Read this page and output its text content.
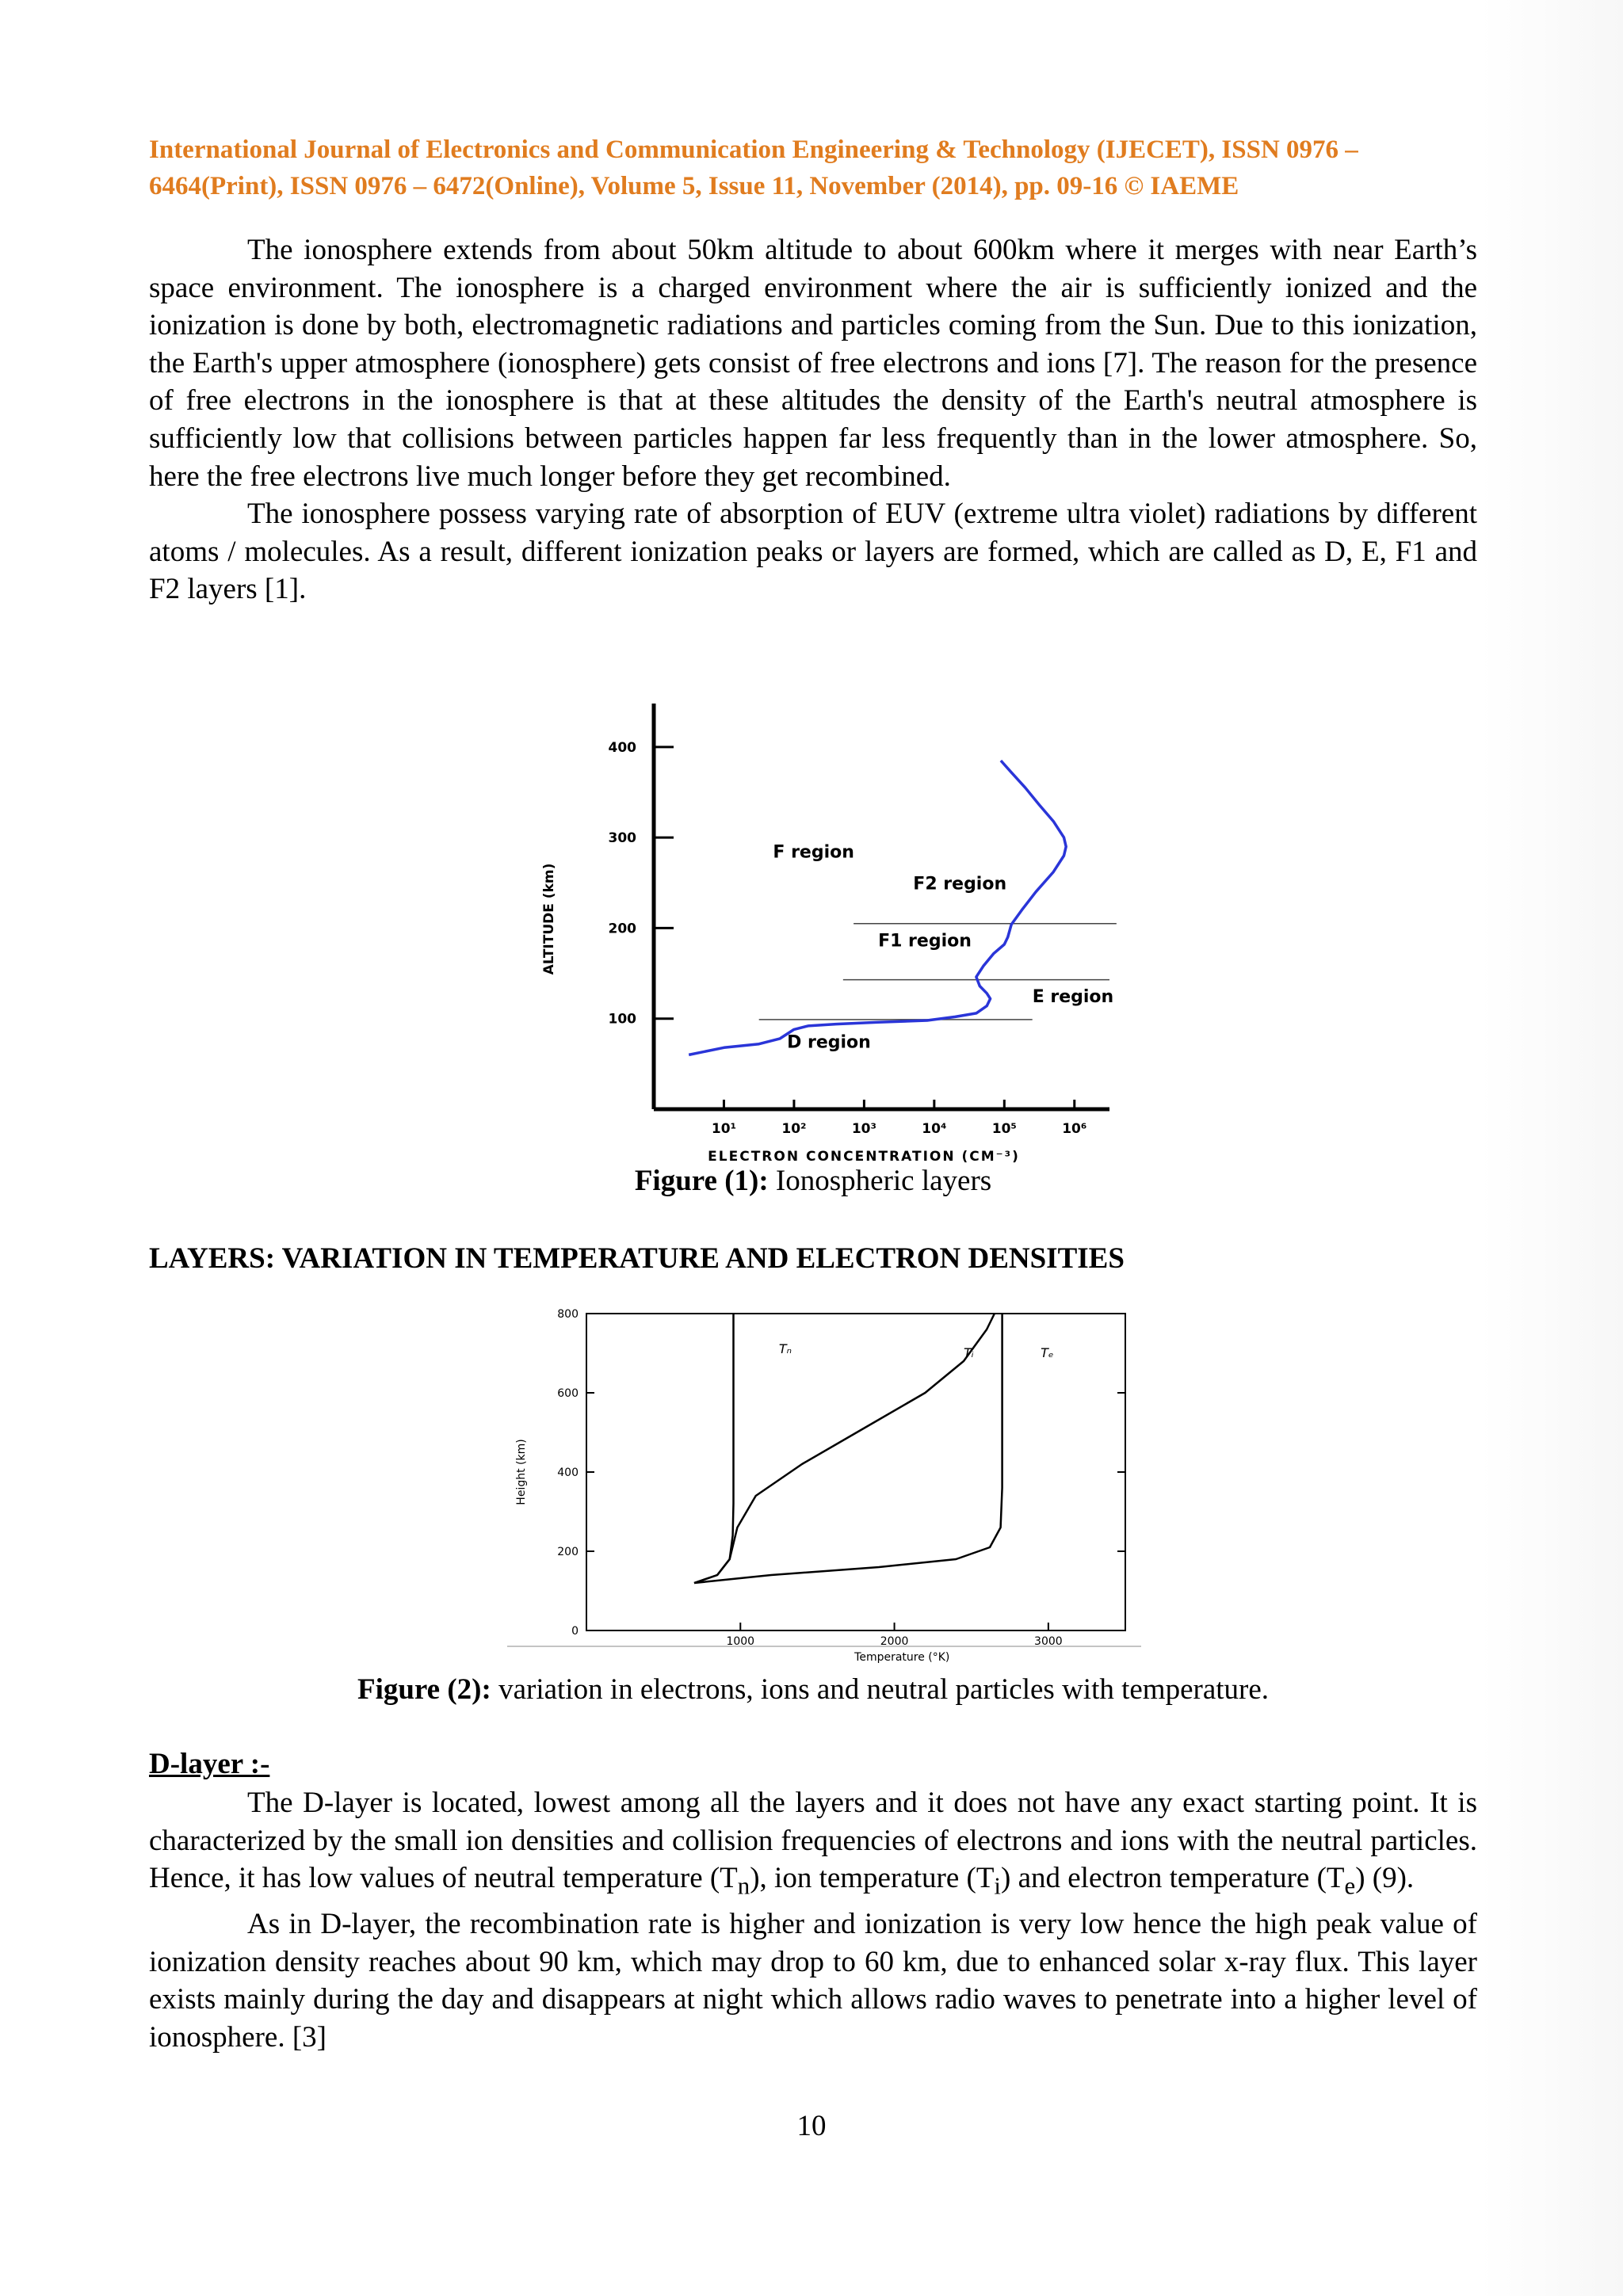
International Journal of Electronics and Communication Engineering & Technology (IJECET), ISSN 0976 –
6464(Print), ISSN 0976 – 6472(Online), Volume 5, Issue 11, November (2014), pp. 09-16 © IAEME

The ionosphere extends from about 50km altitude to about 600km where it merges with near Earth’s space environment. The ionosphere is a charged environment where the air is sufficiently ionized and the ionization is done by both, electromagnetic radiations and particles coming from the Sun. Due to this ionization, the Earth's upper atmosphere (ionosphere) gets consist of free electrons and ions [7]. The reason for the presence of free electrons in the ionosphere is that at these altitudes the density of the Earth's neutral atmosphere is sufficiently low that collisions between particles happen far less frequently than in the lower atmosphere. So, here the free electrons live much longer before they get recombined.

The ionosphere possess varying rate of absorption of EUV (extreme ultra violet) radiations by different atoms / molecules. As a result, different ionization peaks or layers are formed, which are called as D, E, F1 and F2 layers [1].

100
200
300
400
10¹	10²	10³	10⁴	10⁵	10⁶
ALTITUDE (km)
ELECTRON CONCENTRATION (CM⁻³)
F region
F2 region
F1 region
E region
D region
Figure (1): Ionospheric layers
LAYERS: VARIATION IN TEMPERATURE AND ELECTRON DENSITIES
0
200
400
600
800
1000	2000	3000
Height (km)
Temperature (°K)
Tₙ	Tᵢ	Tₑ
Figure (2): variation in electrons, ions and neutral particles with temperature.
D-layer :-

The D-layer is located, lowest among all the layers and it does not have any exact starting point. It is characterized by the small ion densities and collision frequencies of electrons and ions with the neutral particles. Hence, it has low values of neutral temperature $(T_n)$, ion temperature $(T_i)$ and electron temperature $(T_e)$ (9).

As in D-layer, the recombination rate is higher and ionization is very low hence the high peak value of ionization density reaches about 90 km, which may drop to 60 km, due to enhanced solar x-ray flux. This layer exists mainly during the day and disappears at night which allows radio waves to penetrate into a higher level of ionosphere. [3]

10
